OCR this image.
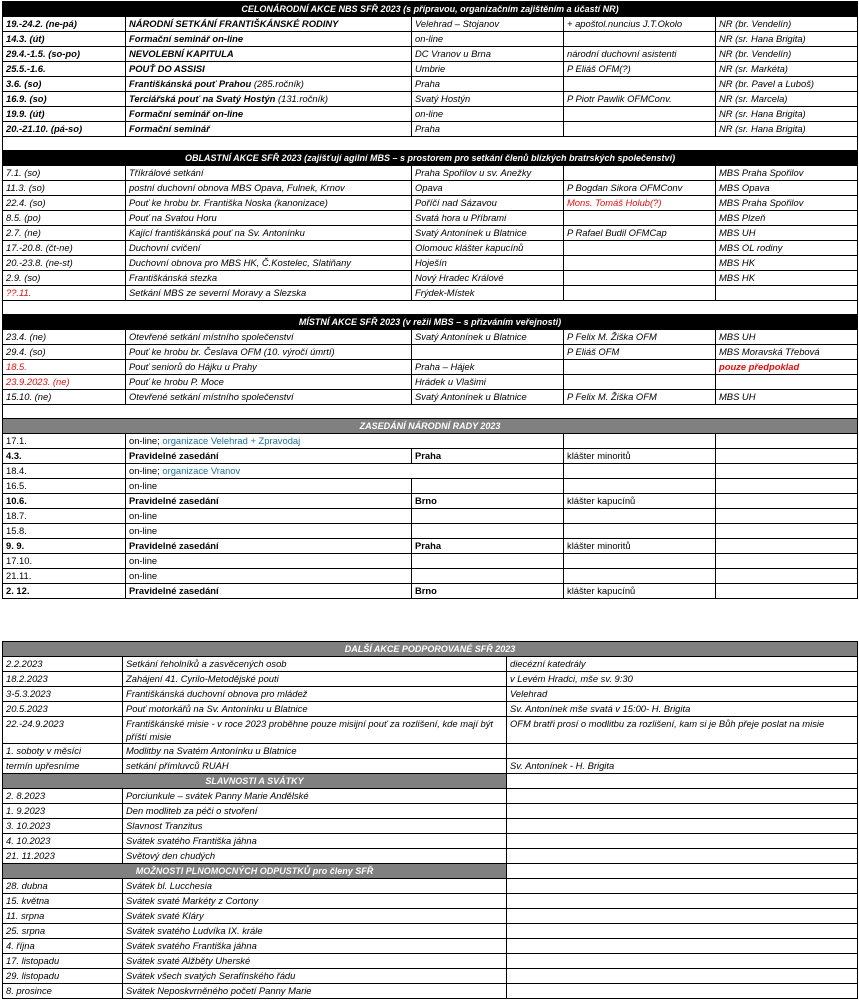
CELONÁRODNÍ AKCE NBS SFŘ 2023 (s přípravou, organizačním zajištěním a účastí NR)				
19.-24.2. (ne-pá)	NÁRODNÍ SETKÁNÍ FRANTIŠKÁNSKÉ RODINY	Velehrad – Stojanov	+ apoštol.nuncius J.T.Okolo	NR (br. Vendelín)
14.3. (út)	Formační seminář on-line	on-line		NR (sr. Hana Brigita)
29.4.-1.5. (so-po)	NEVOLEBNÍ KAPITULA	DC Vranov u Brna	národní duchovní asistenti	NR (br. Vendelín)
25.5.-1.6.	POUŤ DO ASSISI	Umbrie	P Eliáš OFM(?)	NR (sr. Markéta)
3.6. (so)	Františkánská pouť Prahou (285.ročník)	Praha		NR (br. Pavel a Luboš)
16.9. (so)	Terciářská pouť na Svatý Hostýn (131.ročník)	Svatý Hostýn	P Piotr Pawlik OFMConv.	NR (sr. Marcela)
19.9. (út)	Formační seminář on-line	on-line		NR (sr. Hana Brigita)
20.-21.10. (pá-so)	Formační seminář	Praha		NR (sr. Hana Brigita)

OBLASTNÍ AKCE SFŘ 2023 (zajišťují agilní MBS – s prostorem pro setkání členů blízkých bratrských společenství)				
7.1. (so)	Tříkrálové setkání	Praha Spořilov u sv. Anežky		MBS Praha Spořilov
11.3. (so)	postní duchovní obnova MBS Opava, Fulnek, Krnov	Opava	P Bogdan Sikora OFMConv	MBS Opava
22.4. (so)	Pouť ke hrobu br. Františka Noska (kanonizace)	Poříčí nad Sázavou	Mons. Tomáš Holub(?)	MBS Praha Spořilov
8.5. (po)	Pouť na Svatou Horu	Svatá hora u Příbrami		MBS Plzeň
2.7. (ne)	Kající františkánská pouť na Sv. Antonínku	Svatý Antonínek u Blatnice	P Rafael Budil OFMCap	MBS UH
17.-20.8. (čt-ne)	Duchovní cvičení	Olomouc klášter kapucínů		MBS OL rodiny
20.-23.8. (ne-st)	Duchovní obnova pro MBS HK, Č.Kostelec, Slatiňany	Hoješín		MBS HK
2.9. (so)	Františkánská stezka	Nový Hradec Králové		MBS HK
??.11.	Setkání MBS ze severní Moravy a Slezska	Frýdek-Místek		

MÍSTNÍ AKCE SFŘ 2023 (v režii MBS – s přizváním veřejnosti)				
23.4. (ne)	Otevřené setkání místního společenství	Svatý Antonínek u Blatnice	P Felix M. Žiška OFM	MBS UH
29.4. (so)	Pouť ke hrobu br. Česlava OFM (10. výročí úmrtí)		P Eliáš OFM	MBS Moravská Třebová
18.5.	Pouť seniorů do Hájku u Prahy	Praha – Hájek		pouze předpoklad
23.9.2023. (ne)	Pouť ke hrobu P. Moce	Hrádek u Vlašimi		
15.10. (ne)	Otevřené setkání místního společenství	Svatý Antonínek u Blatnice	P Felix M. Žiška OFM	MBS UH

ZASEDÁNÍ NÁRODNÍ RADY 2023				
17.1.	on-line; organizace Velehrad + Zpravodaj			
4.3.	Pravidelné zasedání	Praha	klášter minoritů	
18.4.	on-line; organizace Vranov			
16.5.	on-line			
10.6.	Pravidelné zasedání	Brno	klášter kapucínů	
18.7.	on-line			
15.8.	on-line			
9. 9.	Pravidelné zasedání	Praha	klášter minoritů	
17.10.	on-line			
21.11.	on-line			
2. 12.	Pravidelné zasedání	Brno	klášter kapucínů	
DALŠÍ AKCE PODPOROVANÉ SFŘ 2023		
2.2.2023	Setkání řeholníků a zasvěcených osob	diecézní katedrály
18.2.2023	Zahájení 41. Cyrilo-Metodějské pouti	v Levém Hradci, mše sv. 9:30
3-5.3.2023	Františkánská duchovní obnova pro mládež	Velehrad
20.5.2023	Pouť motorkářů na Sv. Antonínku u Blatnice	Sv. Antonínek mše svatá v 15:00- H. Brigita
22.-24.9.2023	Františkánské misie - v roce 2023 proběhne pouze misijní pouť za rozlišení, kde mají být příští misie	OFM bratři prosí o modlitbu za rozlišení, kam si je Bůh přeje poslat na misie
1. soboty v měsíci	Modlitby na Svatém Antonínku u Blatnice	
termín upřesníme	setkání přímluvců RUAH	Sv. Antonínek - H. Brigita
SLAVNOSTI A SVÁTKY		
2. 8.2023	Porciunkule – svátek Panny Marie Andělské	
1. 9.2023	Den modliteb za péči o stvoření	
3. 10.2023	Slavnost Tranzitus	
4. 10.2023	Svátek svatého Františka jáhna	
21. 11.2023	Světový den chudých	
MOŽNOSTI PLNOMOCNÝCH ODPUSTKŮ pro členy SFŘ		
28. dubna	Svátek bl. Lucchesia	
15. května	Svátek svaté Markéty z Cortony	
11. srpna	Svátek svaté Kláry	
25. srpna	Svátek svatého Ludvíka IX. krále	
4. října	Svátek svatého Františka jáhna	
17. listopadu	Svátek svaté Alžběty Uherské	
29. listopadu	Svátek všech svatých Serafínského řádu	
8. prosince	Svátek Neposkvrněného početí Panny Marie	
